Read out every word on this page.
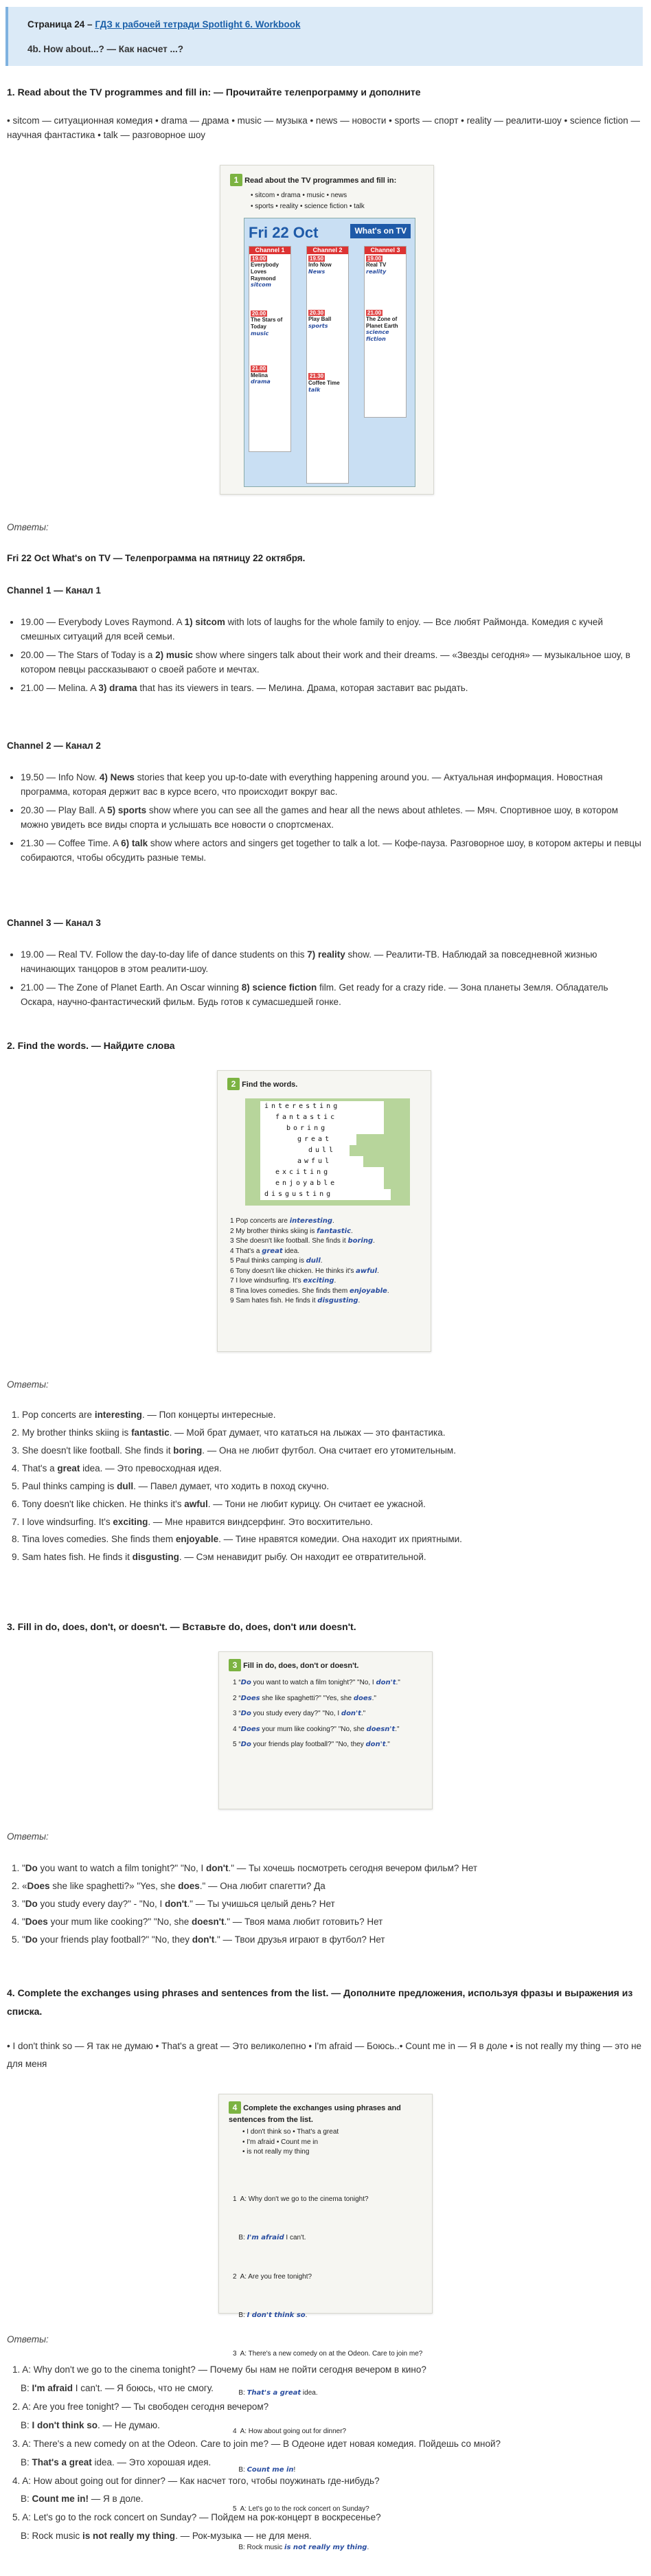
Страница 24 – ГДЗ к рабочей тетради Spotlight 6. Workbook
4b. How about...? — Как насчет ...?
1. Read about the TV programmes and fill in: — Прочитайте телепрограмму и дополните
• sitcom — ситуационная комедия • drama — драма • music — музыка • news — новости • sports — спорт • reality — реалити-шоу • science fiction — научная фантастика • talk — разговорное шоу
1 Read about the TV programmes and fill in:
• sitcom • drama • music • news
• sports • reality • science fiction • talk
Fri 22 Oct	What's on TV
Channel 1
19.00
Everybody Loves Raymond
sitcom
20.00
The Stars of Today
music
21.00
Melina
drama
Channel 2
19.50
Info Now
News
20.30
Play Ball
sports
21.30
Coffee Time
talk
Channel 3
19.00
Real TV
reality
21.00
The Zone of Planet Earth
science fiction
Ответы:
Fri 22 Oct What's on TV — Телепрограмма на пятницу 22 октября.
Channel 1 — Канал 1
• 19.00 — Everybody Loves Raymond. A 1) sitcom with lots of laughs for the whole family to enjoy. — Все любят Раймонда. Комедия с кучей смешных ситуаций для всей семьи.
• 20.00 — The Stars of Today is a 2) music show where singers talk about their work and their dreams. — «Звезды сегодня» — музыкальное шоу, в котором певцы рассказывают о своей работе и мечтах.
• 21.00 — Melina. A 3) drama that has its viewers in tears. — Мелина. Драма, которая заставит вас рыдать.
Channel 2 — Канал 2
• 19.50 — Info Now. 4) News stories that keep you up-to-date with everything happening around you. — Актуальная информация. Новостная программа, которая держит вас в курсе всего, что происходит вокруг вас.
• 20.30 — Play Ball. A 5) sports show where you can see all the games and hear all the news about athletes. — Мяч. Спортивное шоу, в котором можно увидеть все виды спорта и услышать все новости о спортсменах.
• 21.30 — Coffee Time. A 6) talk show where actors and singers get together to talk a lot. — Кофе-пауза. Разговорное шоу, в котором актеры и певцы собираются, чтобы обсудить разные темы.
Channel 3 — Канал 3
• 19.00 — Real TV. Follow the day-to-day life of dance students on this 7) reality show. — Реалити-ТВ. Наблюдай за повседневной жизнью начинающих танцоров в этом реалити-шоу.
• 21.00 — The Zone of Planet Earth. An Oscar winning 8) science fiction film. Get ready for a crazy ride. — Зона планеты Земля. Обладатель Оскара, научно-фантастический фильм. Будь готов к сумасшедшей гонке.
2. Find the words. — Найдите слова
2 Find the words.
interesting
fantastic
boring
great
dull
awful
exciting
enjoyable
disgusting
1 Pop concerts are interesting.
2 My brother thinks skiing is fantastic.
3 She doesn't like football. She finds it boring.
4 That's a great idea.
5 Paul thinks camping is dull.
6 Tony doesn't like chicken. He thinks it's awful.
7 I love windsurfing. It's exciting.
8 Tina loves comedies. She finds them enjoyable.
9 Sam hates fish. He finds it disgusting.
Ответы:
1. Pop concerts are interesting. — Поп концерты интересные.
2. My brother thinks skiing is fantastic. — Мой брат думает, что кататься на лыжах — это фантастика.
3. She doesn't like football. She finds it boring. — Она не любит футбол. Она считает его утомительным.
4. That's a great idea. — Это превосходная идея.
5. Paul thinks camping is dull. — Павел думает, что ходить в поход скучно.
6. Tony doesn't like chicken. He thinks it's awful. — Тони не любит курицу. Он считает ее ужасной.
7. I love windsurfing. It's exciting. — Мне нравится виндсерфинг. Это восхитительно.
8. Tina loves comedies. She finds them enjoyable. — Тине нравятся комедии. Она находит их приятными.
9. Sam hates fish. He finds it disgusting. — Сэм ненавидит рыбу. Он находит ее отвратительной.
3. Fill in do, does, don't, or doesn't. — Вставьте do, does, don't или doesn't.
3 Fill in do, does, don't or doesn't.
1 “Do you want to watch a film tonight?" "No, I don't."
2 “Does she like spaghetti?" "Yes, she does."
3 “Do you study every day?" "No, I don't."
4 “Does your mum like cooking?" "No, she doesn't."
5 “Do your friends play football?" "No, they don't."
Ответы:
1. "Do you want to watch a film tonight?" "No, I don't." — Ты хочешь посмотреть сегодня вечером фильм? Нет
2. «Does she like spaghetti?» "Yes, she does." — Она любит спагетти? Да
3. "Do you study every day?" - "No, I don't." — Ты учишься целый день? Нет
4. "Does your mum like cooking?" "No, she doesn't." — Твоя мама любит готовить? Нет
5. "Do your friends play football?" "No, they don't." — Твои друзья играют в футбол? Нет
4. Complete the exchanges using phrases and sentences from the list. — Дополните предложения, используя фразы и выражения из списка.
• I don't think so — Я так не думаю • That's a great — Это великолепно • I'm afraid — Боюсь..• Count me in — Я в доле • is not really my thing — это не для меня
4 Complete the exchanges using phrases and sentences from the list.
• I don't think so • That's a great
• I'm afraid • Count me in
• is not really my thing

1  A: Why don't we go to the cinema tonight?

B: I'm afraid I can't.

2  A: Are you free tonight?

B: I don't think so.

3  A: There's a new comedy on at the Odeon. Care to join me?

B: That's a great idea.

4  A: How about going out for dinner?

B: Count me in!

5  A: Let's go to the rock concert on Sunday?

B: Rock music is not really my thing.

Ответы:
1. A: Why don't we go to the cinema tonight? — Почему бы нам не пойти сегодня вечером в кино?
B: I'm afraid I can't. — Я боюсь, что не смогу.
2. A: Are you free tonight? — Ты свободен сегодня вечером?
B: I don't think so. — Не думаю.
3. A: There's a new comedy on at the Odeon. Care to join me? — В Одеоне идет новая комедия. Пойдешь со мной?
B: That's a great idea. — Это хорошая идея.
4. A: How about going out for dinner? — Как насчет того, чтобы поужинать где-нибудь?
B: Count me in! — Я в доле.
5. A: Let's go to the rock concert on Sunday? — Пойдем на рок-концерт в воскресенье?
B: Rock music is not really my thing. — Рок-музыка — не для меня.
